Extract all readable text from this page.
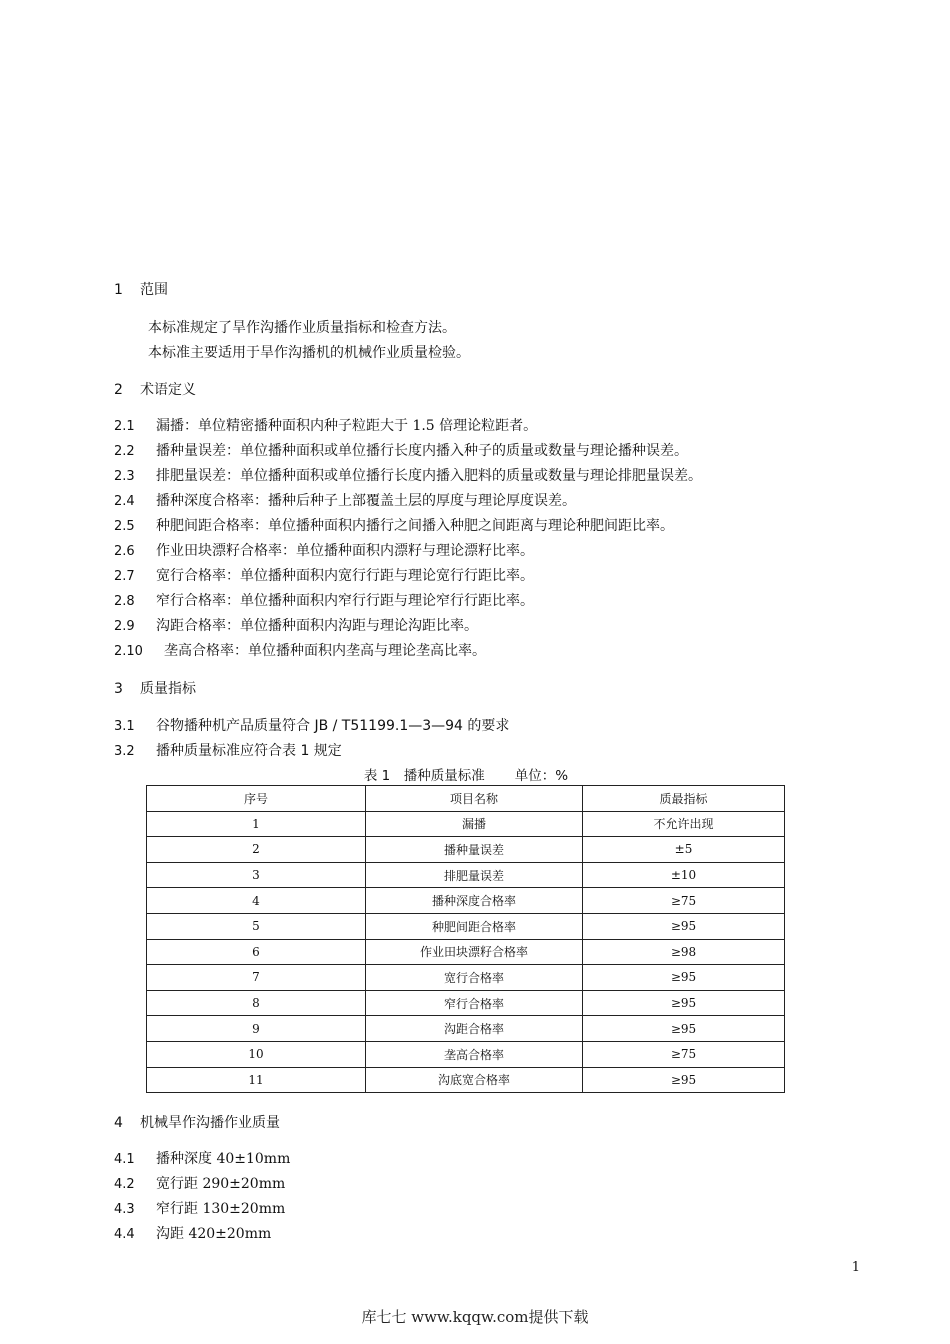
1 范围
本标准规定了旱作沟播作业质量指标和检查方法。
本标准主要适用于旱作沟播机的机械作业质量检验。
2 术语定义
2.1 漏播：单位精密播种面积内种子粒距大于 1.5 倍理论粒距者。
2.2 播种量误差：单位播种面积或单位播行长度内播入种子的质量或数量与理论播种误差。
2.3 排肥量误差：单位播种面积或单位播行长度内播入肥料的质量或数量与理论排肥量误差。
2.4 播种深度合格率：播种后种子上部覆盖土层的厚度与理论厚度误差。
2.5 种肥间距合格率：单位播种面积内播行之间播入种肥之间距离与理论种肥间距比率。
2.6 作业田块漂籽合格率：单位播种面积内漂籽与理论漂籽比率。
2.7 宽行合格率：单位播种面积内宽行行距与理论宽行行距比率。
2.8 窄行合格率：单位播种面积内窄行行距与理论窄行行距比率。
2.9 沟距合格率：单位播种面积内沟距与理论沟距比率。
2.10 垄高合格率：单位播种面积内垄高与理论垄高比率。
3 质量指标
3.1 谷物播种机产品质量符合 JB / T51199.1—3—94 的要求
3.2 播种质量标准应符合表 1 规定
表 1　播种质量标准 单位：%
序号	项目名称	质最指标
1	漏播	不允许出现
2	播种量误差	±5
3	排肥量误差	±10
4	播种深度合格率	≥75
5	种肥间距合格率	≥95
6	作业田块漂籽合格率	≥98
7	宽行合格率	≥95
8	窄行合格率	≥95
9	沟距合格率	≥95
10	垄高合格率	≥75
11	沟底宽合格率	≥95
4 机械旱作沟播作业质量
4.1 播种深度 40±10mm
4.2 宽行距 290±20mm
4.3 窄行距 130±20mm
4.4 沟距 420±20mm
1
库七七 www.kqqw.com提供下载
